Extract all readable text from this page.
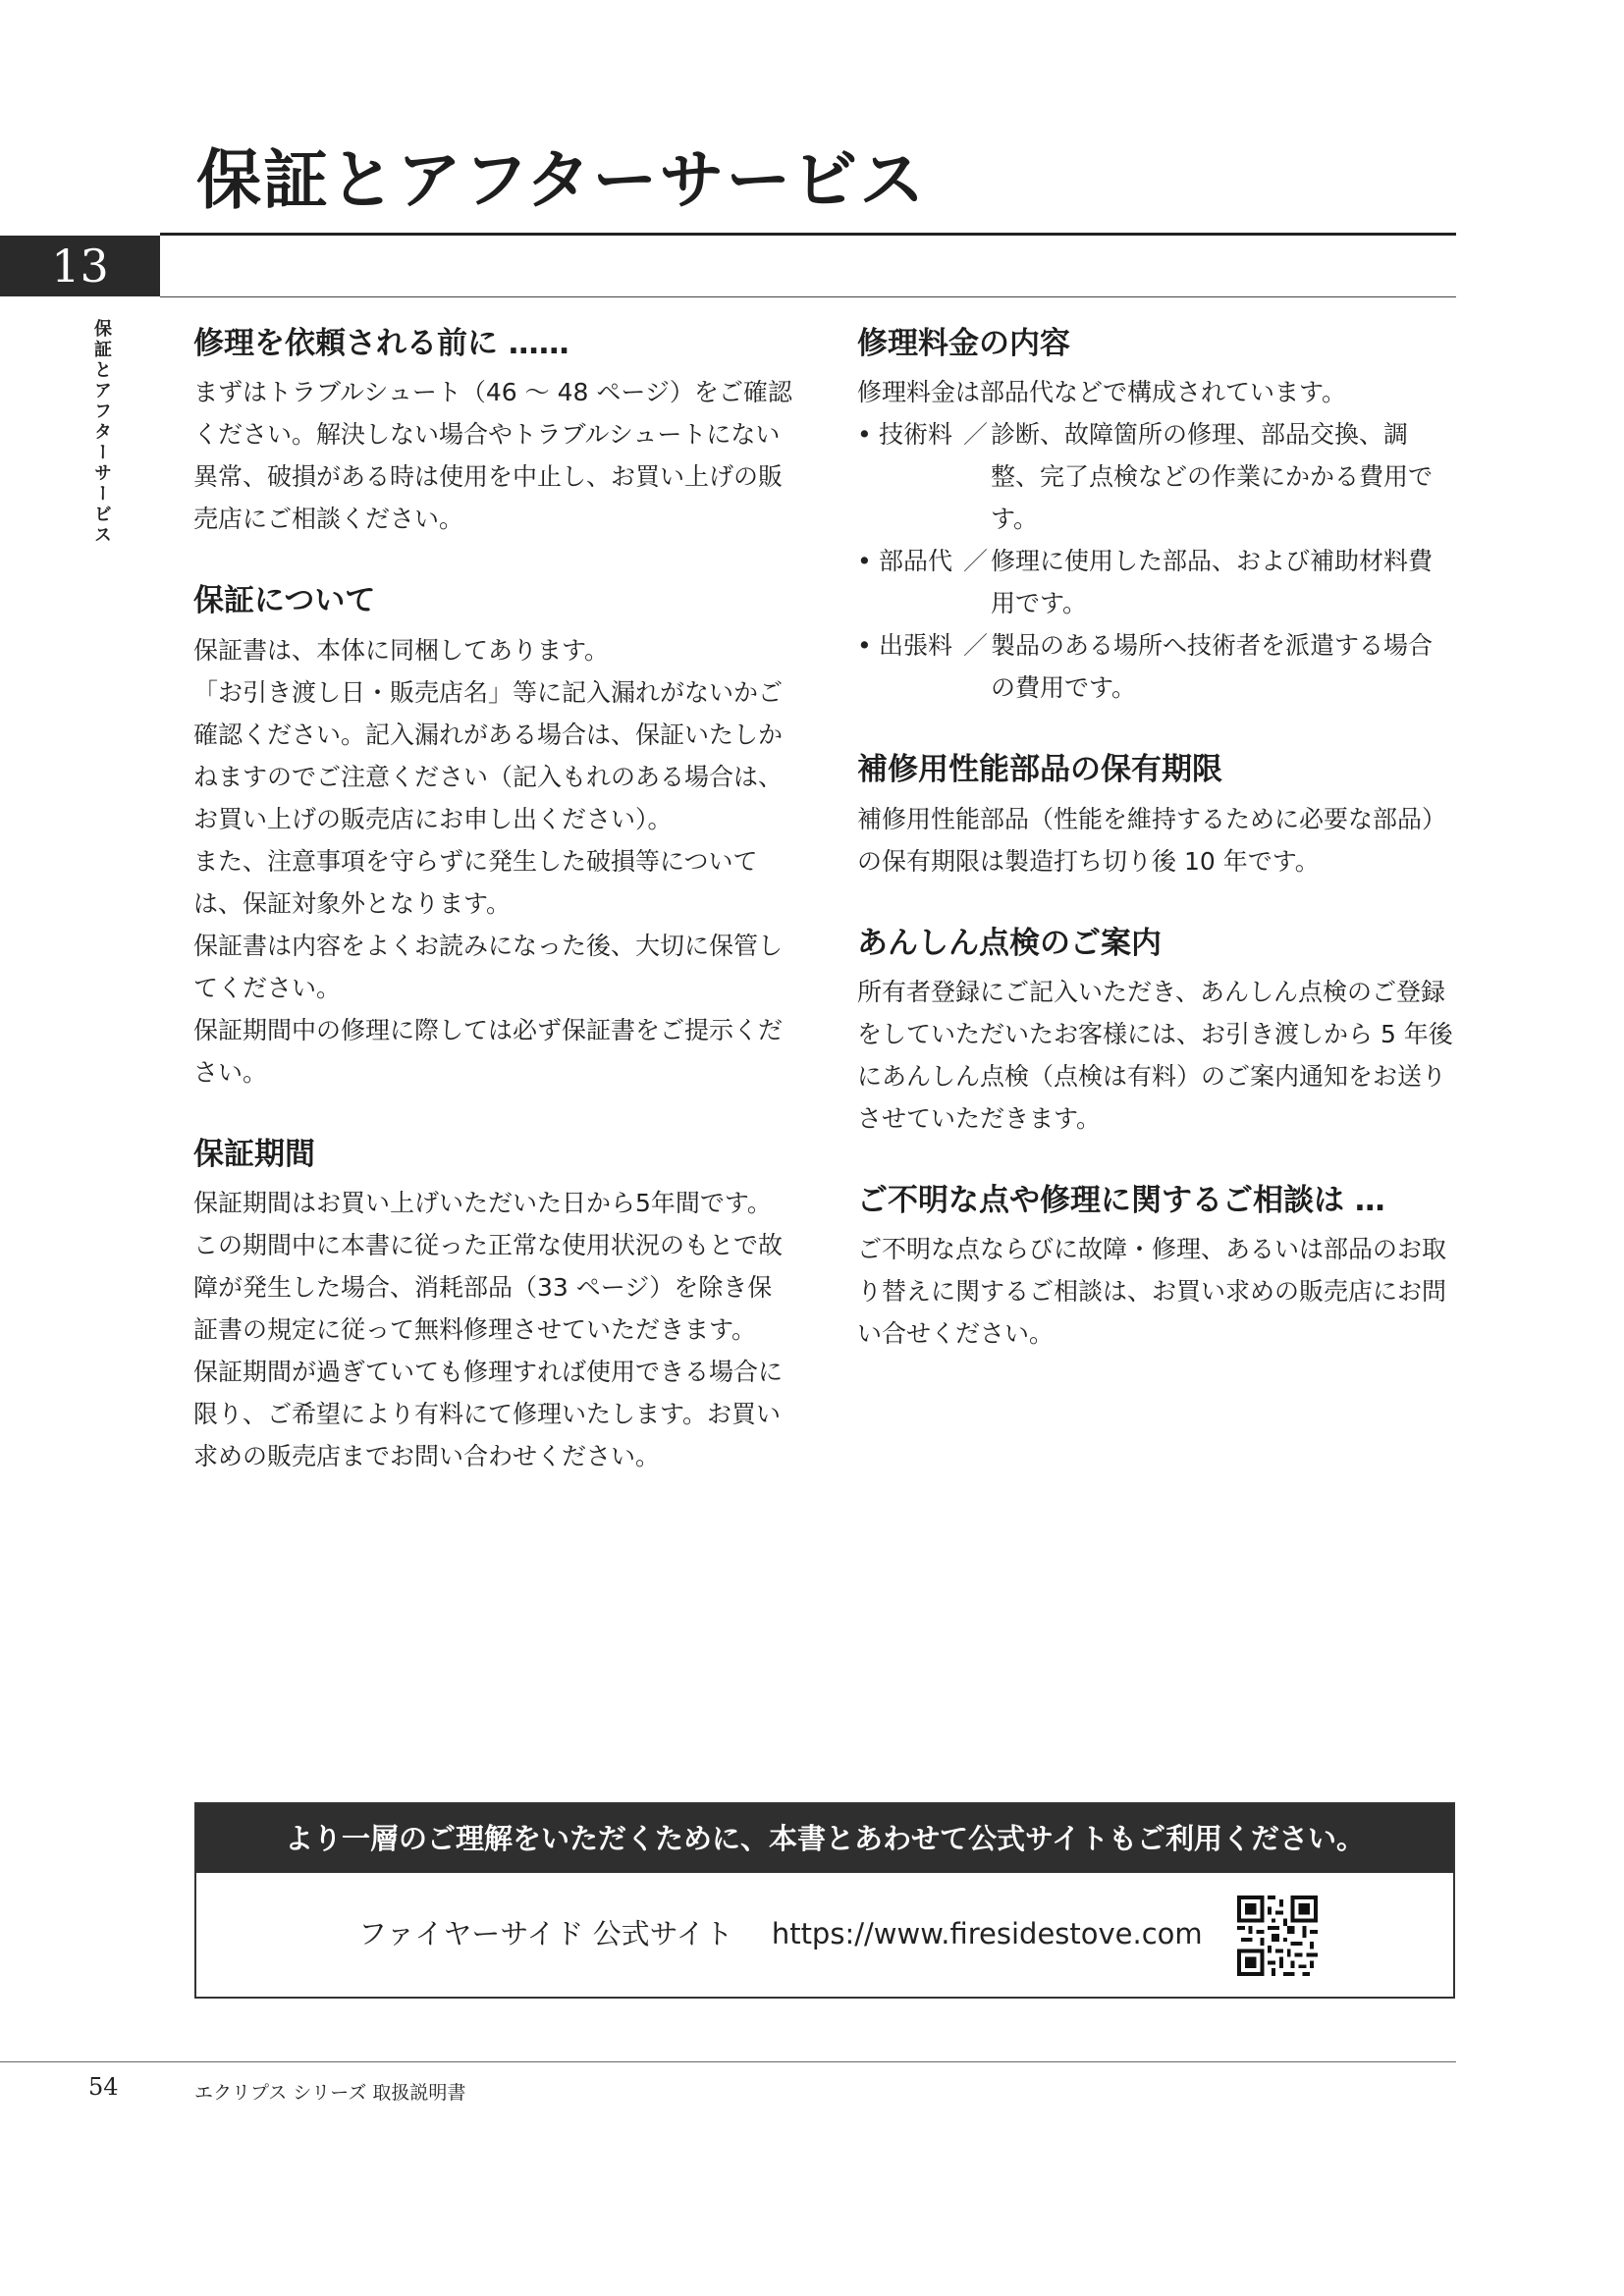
保証とアフターサービス
13
保証とアフターサービス	修理を依頼される前に ……

まずはトラブルシュート（46 ～ 48 ページ）をご確認ください。解決しない場合やトラブルシュートにない異常、破損がある時は使用を中止し、お買い上げの販売店にご相談ください。

保証について

保証書は、本体に同梱してあります。

「お引き渡し日・販売店名」等に記入漏れがないかご確認ください。記入漏れがある場合は、保証いたしかねますのでご注意ください（記入もれのある場合は、お買い上げの販売店にお申し出ください）。

また、注意事項を守らずに発生した破損等については、保証対象外となります。

保証書は内容をよくお読みになった後、大切に保管してください。

保証期間中の修理に際しては必ず保証書をご提示ください。

保証期間

保証期間はお買い上げいただいた日から5年間です。この期間中に本書に従った正常な使用状況のもとで故障が発生した場合、消耗部品（33 ページ）を除き保証書の規定に従って無料修理させていただきます。

保証期間が過ぎていても修理すれば使用できる場合に限り、ご希望により有料にて修理いたします。お買い求めの販売店までお問い合わせください。

修理料金の内容

修理料金は部品代などで構成されています。

• 技術料 ／ 診断、故障箇所の修理、部品交換、調整、完了点検などの作業にかかる費用です。
• 部品代 ／ 修理に使用した部品、および補助材料費用です。
• 出張料 ／ 製品のある場所へ技術者を派遣する場合の費用です。
補修用性能部品の保有期限

補修用性能部品（性能を維持するために必要な部品）の保有期限は製造打ち切り後 10 年です。

あんしん点検のご案内

所有者登録にご記入いただき、あんしん点検のご登録をしていただいたお客様には、お引き渡しから 5 年後にあんしん点検（点検は有料）のご案内通知をお送りさせていただきます。

ご不明な点や修理に関するご相談は …

ご不明な点ならびに故障・修理、あるいは部品のお取り替えに関するご相談は、お買い求めの販売店にお問い合せください。

より一層のご理解をいただくために、本書とあわせて公式サイトもご利用ください。
ファイヤーサイド 公式サイト https://www.firesidestove.com
54	エクリプス シリーズ 取扱説明書
